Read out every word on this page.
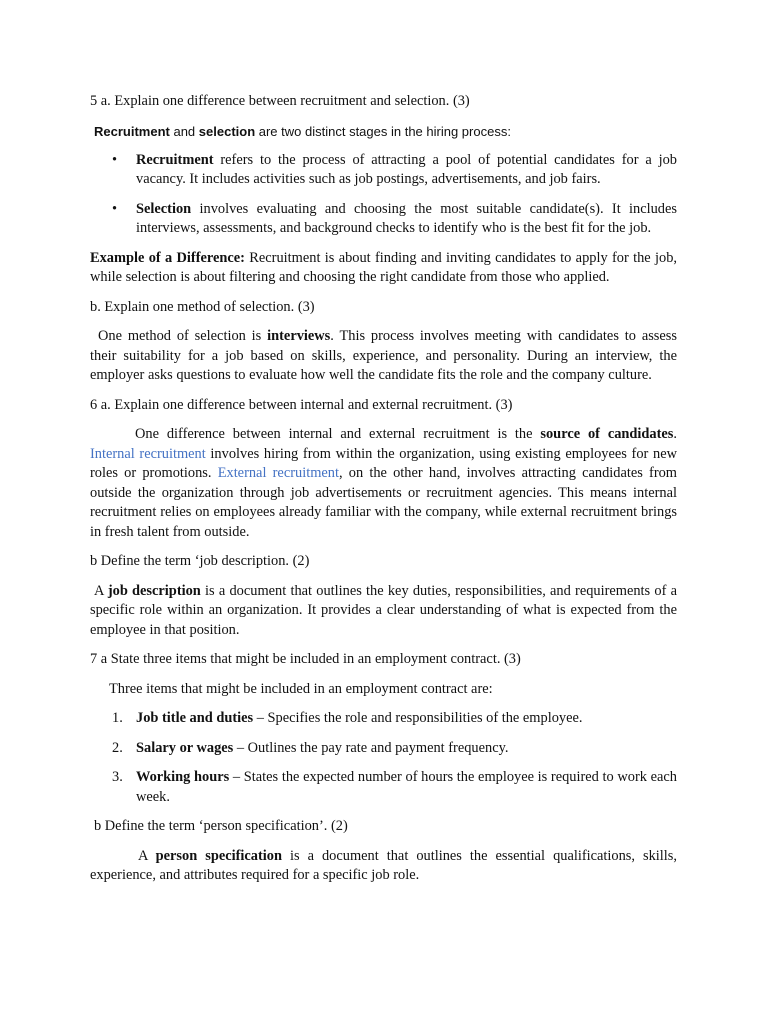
5 a. Explain one difference between recruitment and selection. (3)

Recruitment and selection are two distinct stages in the hiring process:

• Recruitment refers to the process of attracting a pool of potential candidates for a job vacancy. It includes activities such as job postings, advertisements, and job fairs.
• Selection involves evaluating and choosing the most suitable candidate(s). It includes interviews, assessments, and background checks to identify who is the best fit for the job.

Example of a Difference: Recruitment is about finding and inviting candidates to apply for the job, while selection is about filtering and choosing the right candidate from those who applied.

b. Explain one method of selection. (3)

One method of selection is interviews. This process involves meeting with candidates to assess their suitability for a job based on skills, experience, and personality. During an interview, the employer asks questions to evaluate how well the candidate fits the role and the company culture.

6 a. Explain one difference between internal and external recruitment. (3)

One difference between internal and external recruitment is the source of candidates. Internal recruitment involves hiring from within the organization, using existing employees for new roles or promotions. External recruitment, on the other hand, involves attracting candidates from outside the organization through job advertisements or recruitment agencies. This means internal recruitment relies on employees already familiar with the company, while external recruitment brings in fresh talent from outside.

b Define the term ‘job description. (2)

A job description is a document that outlines the key duties, responsibilities, and requirements of a specific role within an organization. It provides a clear understanding of what is expected from the employee in that position.

7 a State three items that might be included in an employment contract. (3)

Three items that might be included in an employment contract are:

1. Job title and duties – Specifies the role and responsibilities of the employee.
2. Salary or wages – Outlines the pay rate and payment frequency.
3. Working hours – States the expected number of hours the employee is required to work each week.

b Define the term ‘person specification’. (2)

A person specification is a document that outlines the essential qualifications, skills, experience, and attributes required for a specific job role.
